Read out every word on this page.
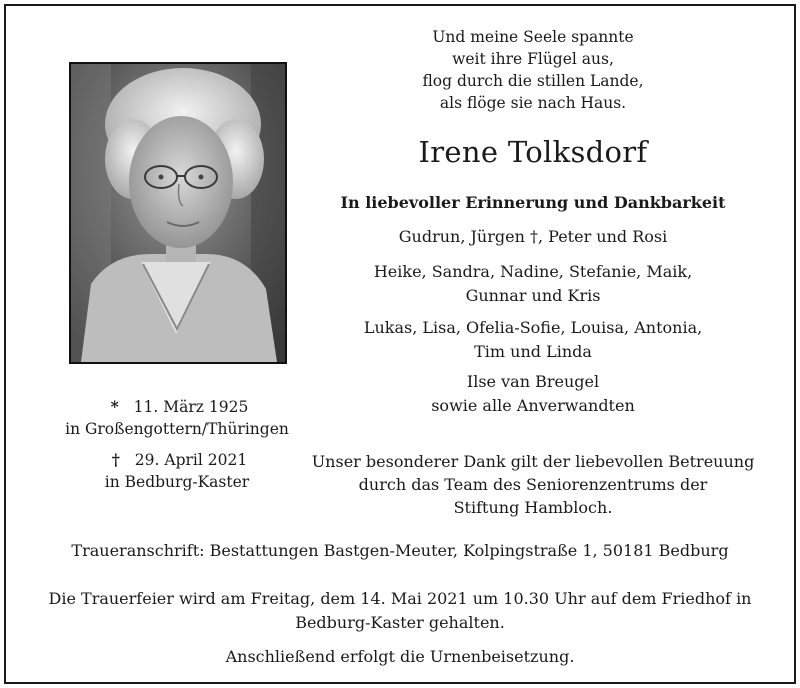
Und meine Seele spannte
weit ihre Flügel aus,
flog durch die stillen Lande,
als flöge sie nach Haus.
Irene Tolksdorf
In liebevoller Erinnerung und Dankbarkeit
Gudrun, Jürgen †, Peter und Rosi
Heike, Sandra, Nadine, Stefanie, Maik,
Gunnar und Kris
Lukas, Lisa, Ofelia-Sofie, Louisa, Antonia,
Tim und Linda
Ilse van Breugel
sowie alle Anverwandten
* 11. März 1925
in Großengottern/Thüringen
† 29. April 2021
in Bedburg-Kaster
Unser besonderer Dank gilt der liebevollen Betreuung
durch das Team des Seniorenzentrums der
Stiftung Hambloch.
Traueranschrift: Bestattungen Bastgen-Meuter, Kolpingstraße 1, 50181 Bedburg
Die Trauerfeier wird am Freitag, dem 14. Mai 2021 um 10.30 Uhr auf dem Friedhof in
Bedburg-Kaster gehalten.
Anschließend erfolgt die Urnenbeisetzung.
